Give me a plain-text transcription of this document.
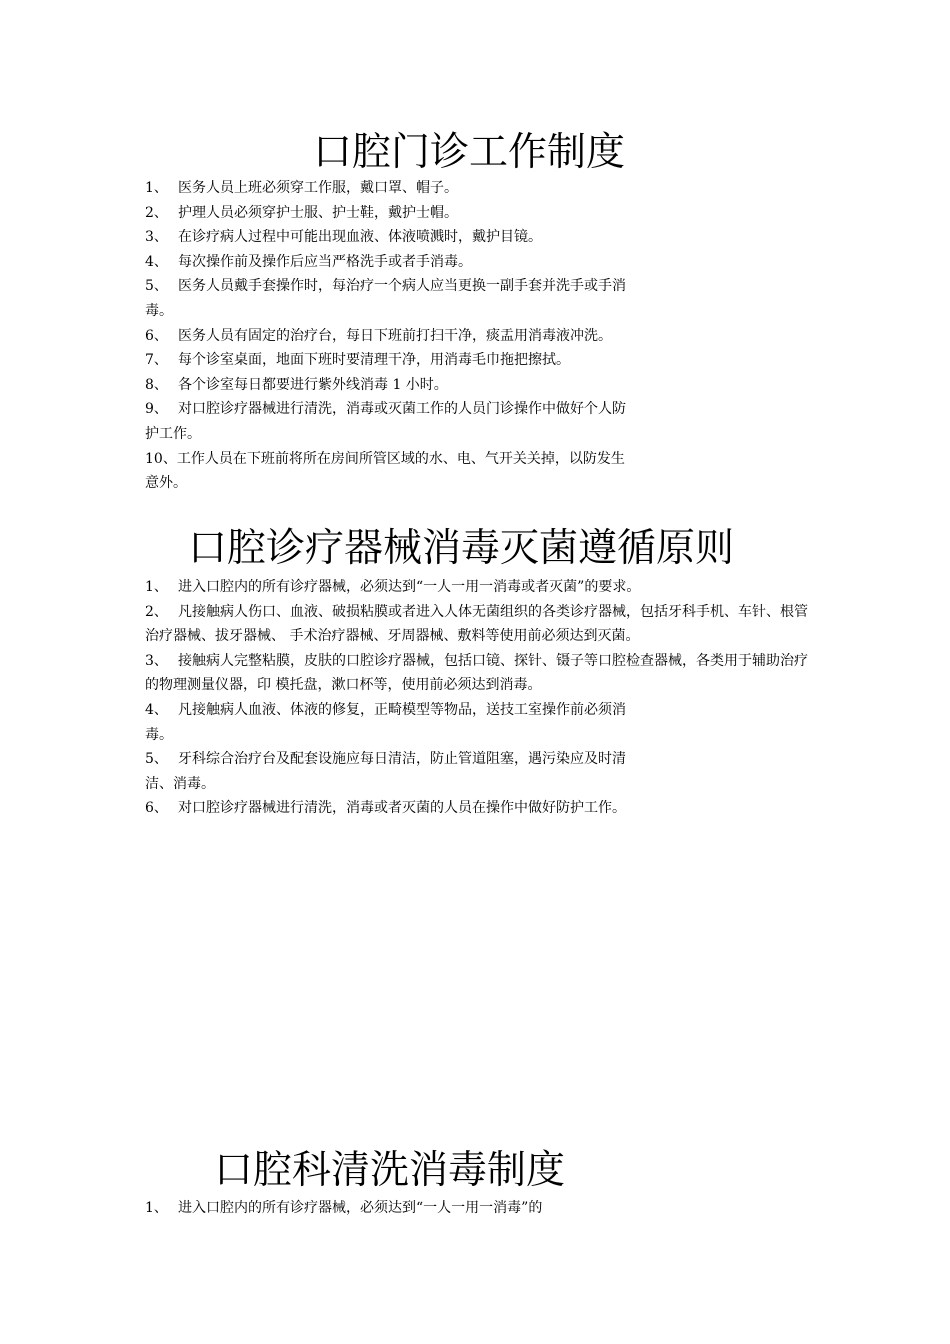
口腔门诊工作制度

1、 医务人员上班必须穿工作服，戴口罩、帽子。

2、 护理人员必须穿护士服、护士鞋，戴护士帽。

3、 在诊疗病人过程中可能出现血液、体液喷溅时，戴护目镜。

4、 每次操作前及操作后应当严格洗手或者手消毒。

5、 医务人员戴手套操作时，每治疗一个病人应当更换一副手套并洗手或手消毒。

6、 医务人员有固定的治疗台，每日下班前打扫干净，痰盂用消毒液冲洗。

7、 每个诊室桌面，地面下班时要清理干净，用消毒毛巾拖把擦拭。

8、 各个诊室每日都要进行紫外线消毒 1 小时。

9、 对口腔诊疗器械进行清洗，消毒或灭菌工作的人员门诊操作中做好个人防护工作。

10、工作人员在下班前将所在房间所管区域的水、电、气开关关掉，以防发生意外。

口腔诊疗器械消毒灭菌遵循原则

1、 进入口腔内的所有诊疗器械，必须达到“一人一用一消毒或者灭菌”的要求。

2、 凡接触病人伤口、血液、破损粘膜或者进入人体无菌组织的各类诊疗器械，包括牙科手机、车针、根管治疗器械、拔牙器械、 手术治疗器械、牙周器械、敷料等使用前必须达到灭菌。

3、 接触病人完整粘膜，皮肤的口腔诊疗器械，包括口镜、探针、镊子等口腔检查器械，各类用于辅助治疗的物理测量仪器，印 模托盘，漱口杯等，使用前必须达到消毒。

4、 凡接触病人血液、体液的修复，正畸模型等物品，送技工室操作前必须消毒。

5、 牙科综合治疗台及配套设施应每日清洁，防止管道阻塞，遇污染应及时清洁、消毒。

6、 对口腔诊疗器械进行清洗，消毒或者灭菌的人员在操作中做好防护工作。

口腔科清洗消毒制度

1、 进入口腔内的所有诊疗器械，必须达到“一人一用一消毒”的
